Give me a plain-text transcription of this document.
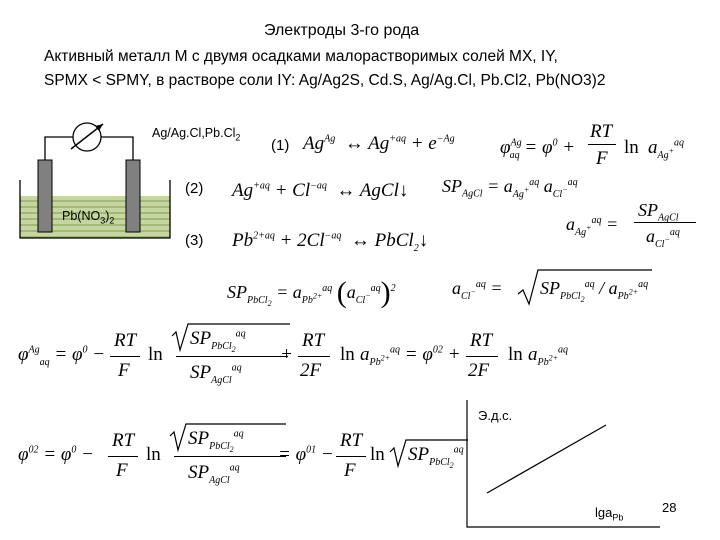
Электроды 3-го рода
Активный металл M с двумя осадками малорастворимых солей MX, IY,
SPMX < SPMY, в растворе соли IY: Ag/Ag2S, Cd.S, Ag/Ag.Cl, Pb.Cl2, Pb(NO3)2
$Ag/Ag.Cl,Pb.Cl_2$
$Pb(NO_3)_2$
(1)
(2)
(3)
$Ag^{Ag}$  ↔ $Ag^{+aq} + e^{-Ag}$ $\varphi^{Ag}_{aq} = \varphi^0$ +
RT
F
$\ln a_{Ag^+}^{aq}$
$Ag^{+aq} + Cl^{-aq}$  ↔ AgCl↓ $SP_{AgCl} = a_{Ag^+}^{aq}$ $a_{Cl^-}^{aq}$
$a_{Ag^+}^{aq}$ =
$SP_{AgCl}$
$a_{Cl^-}^{aq}$
$Pb^{2+aq} + 2Cl^{-aq}$  ↔ PbCl$_2$↓
$SP_{PbCl_2} = a_{Pb^{2+}}^{aq}$ $(a_{Cl^-}^{aq})^2$	$a_{Cl^-}^{aq} = SP_{PbCl_2}^{aq} / a_{Pb^{2+}}^{aq}$
$\varphi^{Ag}_{aq} = \varphi^0$ −
RT
F
ln
$SP_{PbCl_2}^{aq}$
$SP_{AgCl}^{aq}$
+
RT
2F
$\ln a_{Pb^{2+}}^{aq} = \varphi^{02}$ +
RT
2F
$\ln a_{Pb^{2+}}^{aq}$
$\varphi^{02} = \varphi^0$ −
RT
F
ln
$SP_{PbCl_2}^{aq}$
$SP_{AgCl}^{aq}$
= $\varphi^{01}$ −
RT
F
$\ln SP_{PbCl_2}^{aq}$
Э.д.с.
lga$_{Pb}$
28
